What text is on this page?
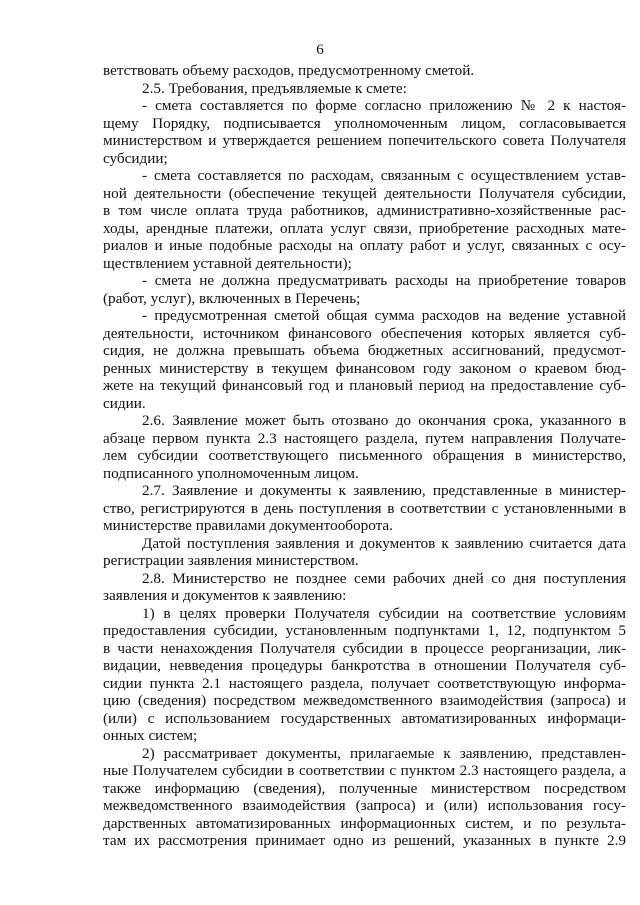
6
ветствовать объему расходов, предусмотренному сметой.
2.5. Требования, предъявляемые к смете:
- смета составляется по форме согласно приложению № 2 к настоя-
щему Порядку, подписывается уполномоченным лицом, согласовывается
министерством и утверждается решением попечительского совета Получателя
субсидии;
- смета составляется по расходам, связанным с осуществлением устав-
ной деятельности (обеспечение текущей деятельности Получателя субсидии,
в том числе оплата труда работников, административно-хозяйственные рас-
ходы, арендные платежи, оплата услуг связи, приобретение расходных мате-
риалов и иные подобные расходы на оплату работ и услуг, связанных с осу-
ществлением уставной деятельности);
- смета не должна предусматривать расходы на приобретение товаров
(работ, услуг), включенных в Перечень;
- предусмотренная сметой общая сумма расходов на ведение уставной
деятельности, источником финансового обеспечения которых является суб-
сидия, не должна превышать объема бюджетных ассигнований, предусмот-
ренных министерству в текущем финансовом году законом о краевом бюд-
жете на текущий финансовый год и плановый период на предоставление суб-
сидии.
2.6. Заявление может быть отозвано до окончания срока, указанного в
абзаце первом пункта 2.3 настоящего раздела, путем направления Получате-
лем субсидии соответствующего письменного обращения в министерство,
подписанного уполномоченным лицом.
2.7. Заявление и документы к заявлению, представленные в министер-
ство, регистрируются в день поступления в соответствии с установленными в
министерстве правилами документооборота.
Датой поступления заявления и документов к заявлению считается дата
регистрации заявления министерством.
2.8. Министерство не позднее семи рабочих дней со дня поступления
заявления и документов к заявлению:
1) в целях проверки Получателя субсидии на соответствие условиям
предоставления субсидии, установленным подпунктами 1, 12, подпунктом 5
в части ненахождения Получателя субсидии в процессе реорганизации, лик-
видации, невведения процедуры банкротства в отношении Получателя суб-
сидии пункта 2.1 настоящего раздела, получает соответствующую информа-
цию (сведения) посредством межведомственного взаимодействия (запроса) и
(или) с использованием государственных автоматизированных информаци-
онных систем;
2) рассматривает документы, прилагаемые к заявлению, представлен-
ные Получателем субсидии в соответствии с пунктом 2.3 настоящего раздела, а
также информацию (сведения), полученные министерством посредством
межведомственного взаимодействия (запроса) и (или) использования госу-
дарственных автоматизированных информационных систем, и по результа-
там их рассмотрения принимает одно из решений, указанных в пункте 2.9
